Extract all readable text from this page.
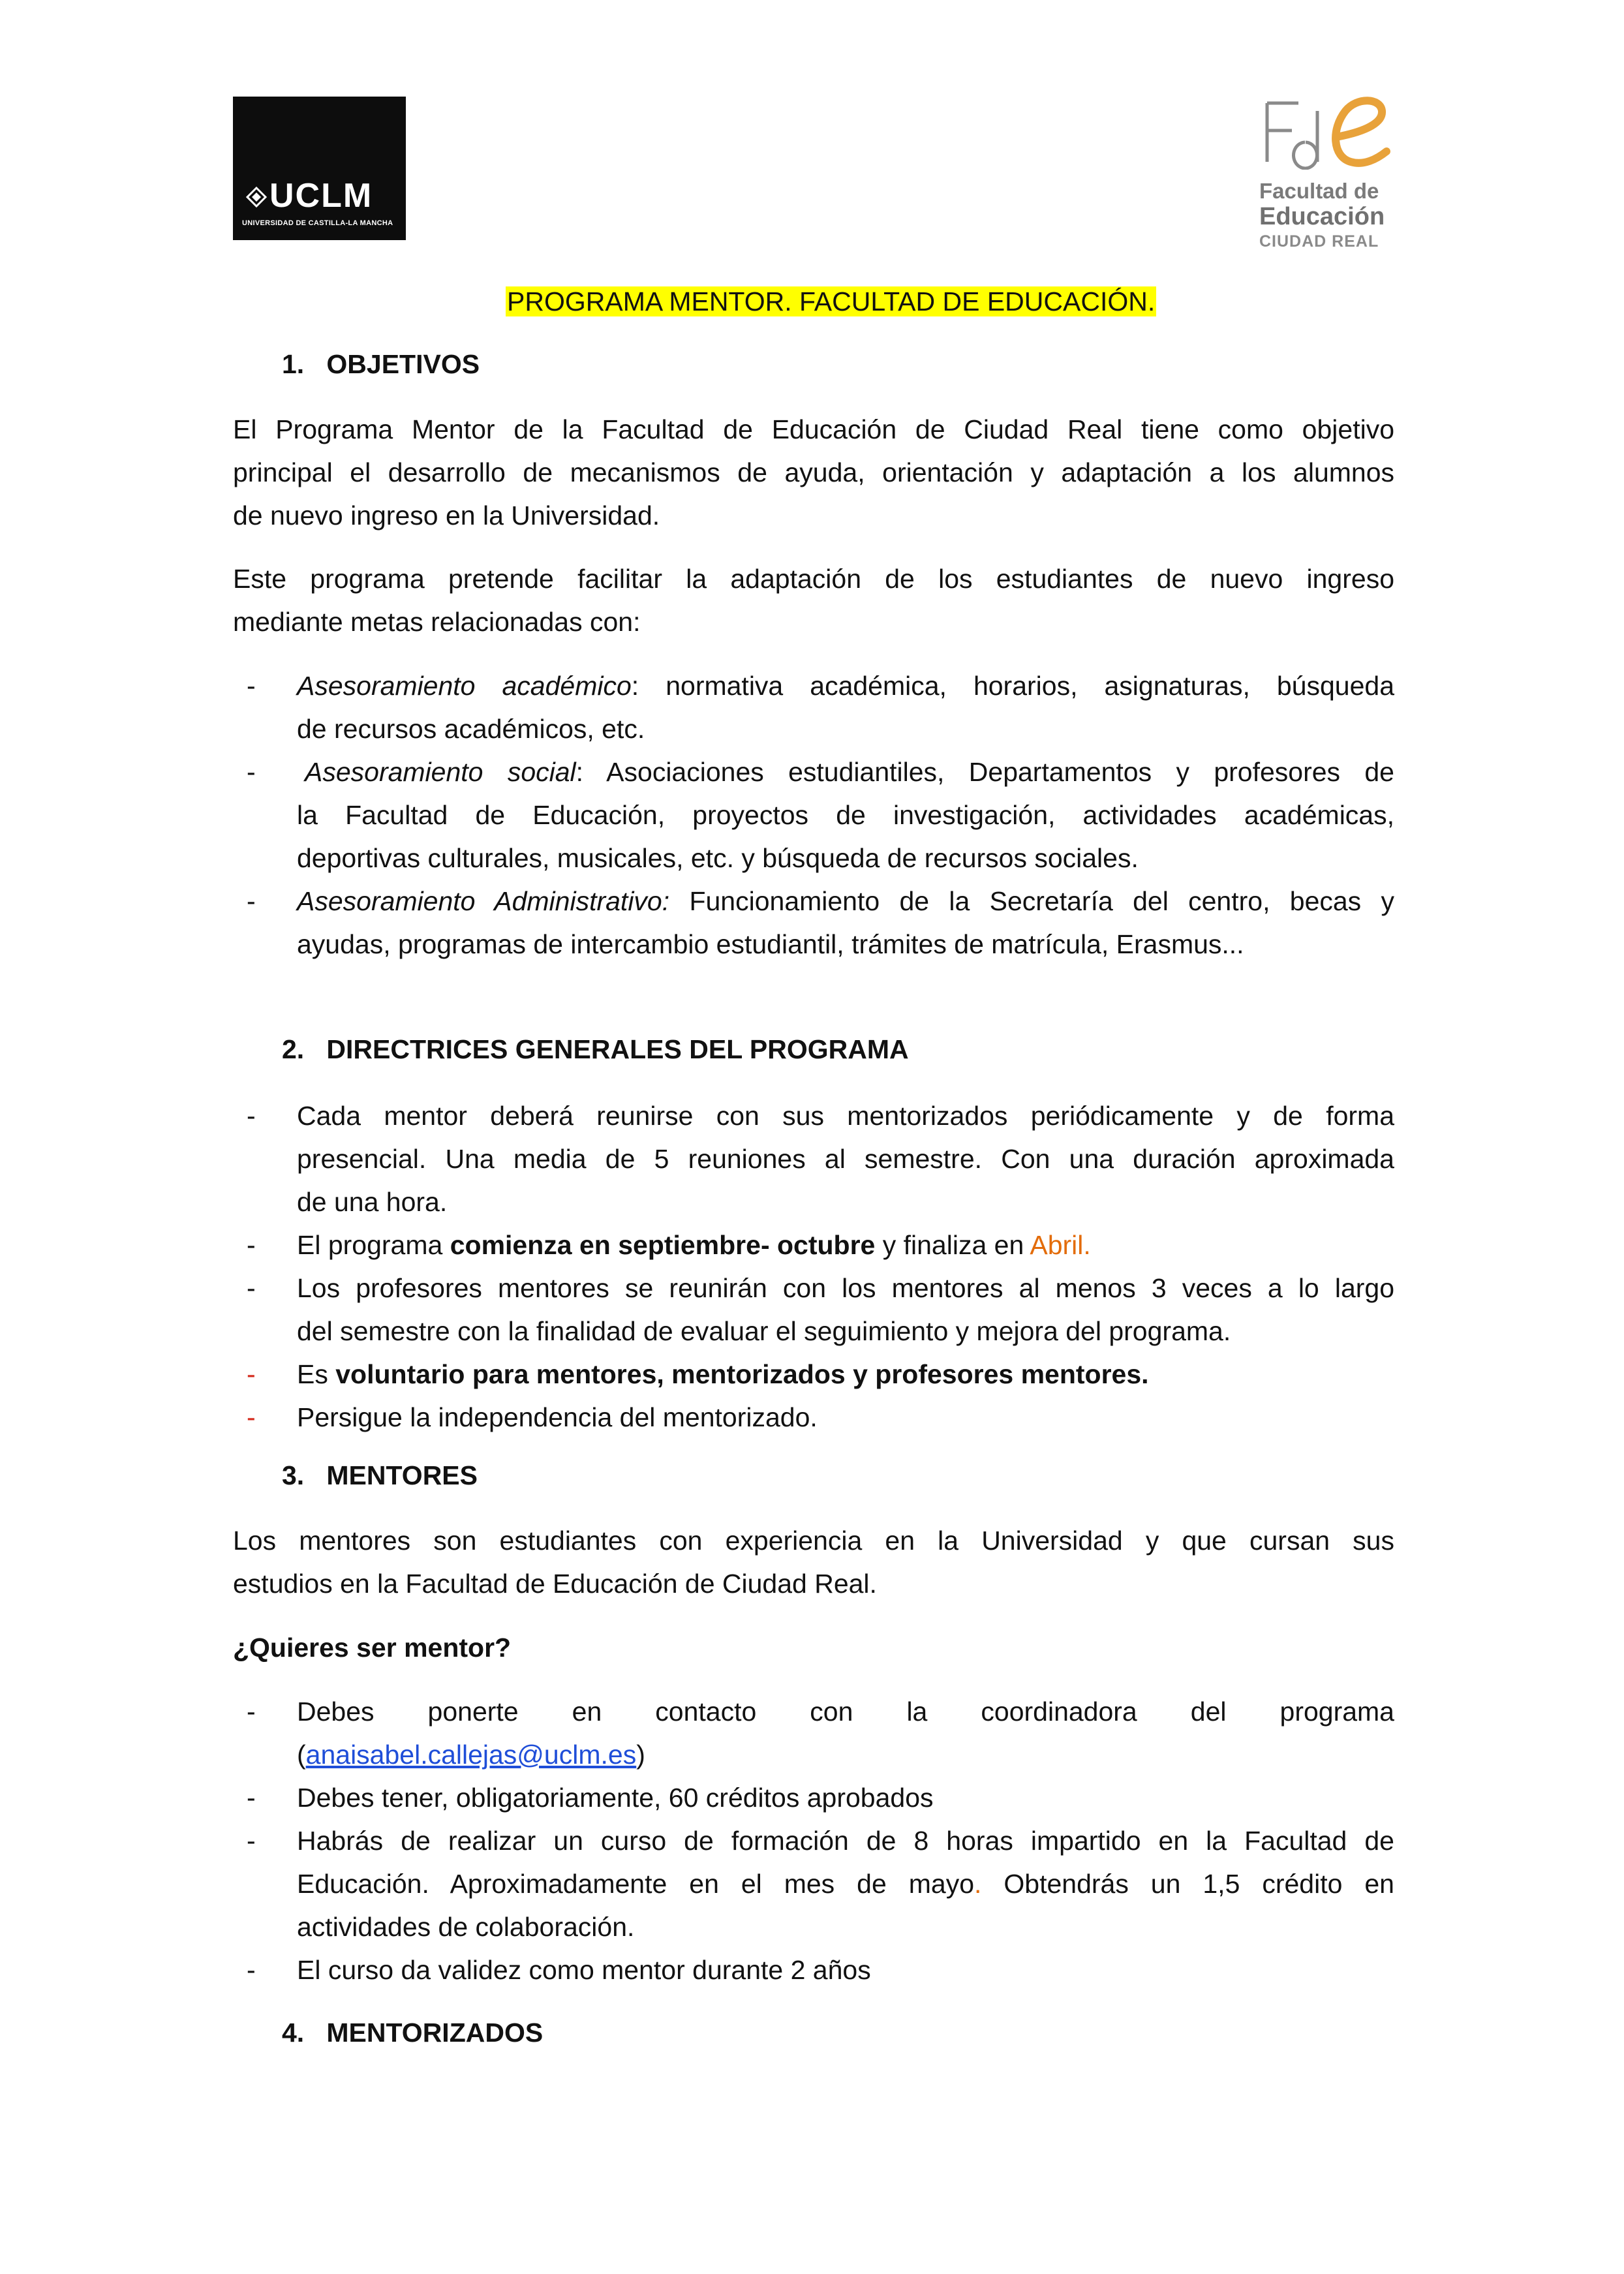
UCLM
UNIVERSIDAD DE CASTILLA-LA MANCHA
Facultad de
Educación
CIUDAD REAL
PROGRAMA MENTOR. FACULTAD DE EDUCACIÓN.
1. OBJETIVOS
El Programa Mentor de la Facultad de Educación de Ciudad Real tiene como objetivo
principal el desarrollo de mecanismos de ayuda, orientación y adaptación a los alumnos
de nuevo ingreso en la Universidad.
Este programa pretende facilitar la adaptación de los estudiantes de nuevo ingreso
mediante metas relacionadas con:
- Asesoramiento académico: normativa académica, horarios, asignaturas, búsqueda
de recursos académicos, etc.
- Asesoramiento social: Asociaciones estudiantiles, Departamentos y profesores de
la Facultad de Educación, proyectos de investigación, actividades académicas,
deportivas culturales, musicales, etc. y búsqueda de recursos sociales.
- Asesoramiento Administrativo: Funcionamiento de la Secretaría del centro, becas y
ayudas, programas de intercambio estudiantil, trámites de matrícula, Erasmus...
2. DIRECTRICES GENERALES DEL PROGRAMA
- Cada mentor deberá reunirse con sus mentorizados periódicamente y de forma
presencial. Una media de 5 reuniones al semestre. Con una duración aproximada
de una hora.
- El programa comienza en septiembre- octubre y finaliza en Abril.
- Los profesores mentores se reunirán con los mentores al menos 3 veces a lo largo
del semestre con la finalidad de evaluar el seguimiento y mejora del programa.
- Es voluntario para mentores, mentorizados y profesores mentores.
- Persigue la independencia del mentorizado.
3. MENTORES
Los mentores son estudiantes con experiencia en la Universidad y que cursan sus
estudios en la Facultad de Educación de Ciudad Real.
¿Quieres ser mentor?
- Debes ponerte en contacto con la coordinadora del programa
(anaisabel.callejas@uclm.es)
- Debes tener, obligatoriamente, 60 créditos aprobados
- Habrás de realizar un curso de formación de 8 horas impartido en la Facultad de
Educación. Aproximadamente en el mes de mayo. Obtendrás un 1,5 crédito en
actividades de colaboración.
- El curso da validez como mentor durante 2 años
4. MENTORIZADOS
